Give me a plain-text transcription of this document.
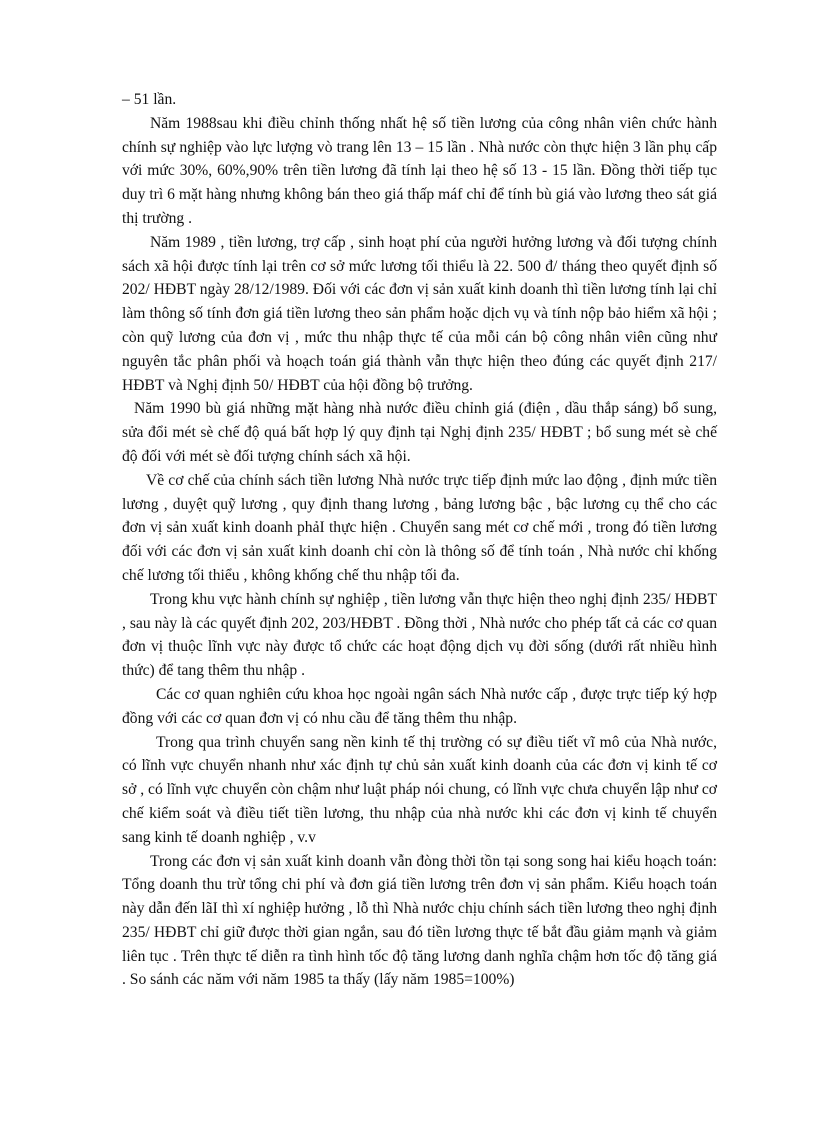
– 51 lần.

Năm 1988sau khi điều chỉnh thống nhất hệ số tiền lương của công nhân viên chức hành chính sự nghiệp vào lực lượng vò trang lên 13 – 15 lần . Nhà nước còn thực hiện 3 lần phụ cấp với mức 30%, 60%,90% trên tiền lương đã tính lại theo hệ số 13 - 15 lần. Đồng thời tiếp tục duy trì 6 mặt hàng nhưng không bán theo giá thấp máf chỉ để tính bù giá vào lương theo sát giá thị trường .

Năm 1989 , tiền lương, trợ cấp , sinh hoạt phí của người hưởng lương và đối tượng chính sách xã hội được tính lại trên cơ sở mức lương tối thiểu là 22. 500 đ/ tháng theo quyết định số 202/ HĐBT ngày 28/12/1989. Đối với các đơn vị sản xuất kinh doanh thì tiền lương tính lại chỉ làm thông số tính đơn giá tiền lương theo sản phẩm hoặc dịch vụ và tính nộp bảo hiểm xã hội ; còn quỹ lương của đơn vị , mức thu nhập thực tế của mỗi cán bộ công nhân viên cũng như nguyên tắc phân phối và hoạch toán giá thành vẫn thực hiện theo đúng các quyết định 217/ HĐBT và Nghị định 50/ HĐBT của hội đồng bộ trưởng.

Năm 1990 bù giá những mặt hàng nhà nước điều chỉnh giá (điện , dầu thắp sáng) bổ sung, sửa đổi mét sè chế độ quá bất hợp lý quy định tại Nghị định 235/ HĐBT ; bổ sung mét sè chế độ đối với mét sè đối tượng chính sách xã hội.

Về cơ chế của chính sách tiền lương Nhà nước trực tiếp định mức lao động , định mức tiền lương , duyệt quỹ lương , quy định thang lương , bảng lương bậc , bậc lương cụ thể cho các đơn vị sản xuất kinh doanh phảI thực hiện . Chuyển sang mét cơ chế mới , trong đó tiền lương đối với các đơn vị sản xuất kinh doanh chỉ còn là thông số để tính toán , Nhà nước chỉ khống chế lương tối thiểu , không khống chế thu nhập tối đa.

Trong khu vực hành chính sự nghiệp , tiền lương vẫn thực hiện theo nghị định 235/ HĐBT , sau này là các quyết định 202, 203/HĐBT . Đồng thời , Nhà nước cho phép tất cả các cơ quan đơn vị thuộc lĩnh vực này được tổ chức các hoạt động dịch vụ đời sống (dưới rất nhiều hình thức) để tang thêm thu nhập .

Các cơ quan nghiên cứu khoa học ngoài ngân sách Nhà nước cấp , được trực tiếp ký hợp đồng với các cơ quan đơn vị có nhu cầu để tăng thêm thu nhập.

Trong qua trình chuyển sang nền kinh tế thị trường có sự điều tiết vĩ mô của Nhà nước, có lĩnh vực chuyển nhanh như xác định tự chủ sản xuất kinh doanh của các đơn vị kinh tế cơ sở , có lĩnh vực chuyển còn chậm như luật pháp nói chung, có lĩnh vực chưa chuyển lập như cơ chế kiểm soát và điều tiết tiền lương, thu nhập của nhà nước khi các đơn vị kinh tế chuyển sang kinh tế doanh nghiệp , v.v

Trong các đơn vị sản xuất kinh doanh vẫn đòng thời tồn tại song song hai kiểu hoạch toán: Tổng doanh thu trừ tổng chi phí và đơn giá tiền lương trên đơn vị sản phẩm. Kiểu hoạch toán này dẫn đến lãI thì xí nghiệp hưởng , lỗ thì Nhà nước chịu chính sách tiền lương theo nghị định 235/ HĐBT chỉ giữ được thời gian ngắn, sau đó tiền lương thực tế bắt đầu giảm mạnh và giảm liên tục . Trên thực tế diễn ra tình hình tốc độ tăng lương danh nghĩa chậm hơn tốc độ tăng giá . So sánh các năm với năm 1985 ta thấy (lấy năm 1985=100%)
